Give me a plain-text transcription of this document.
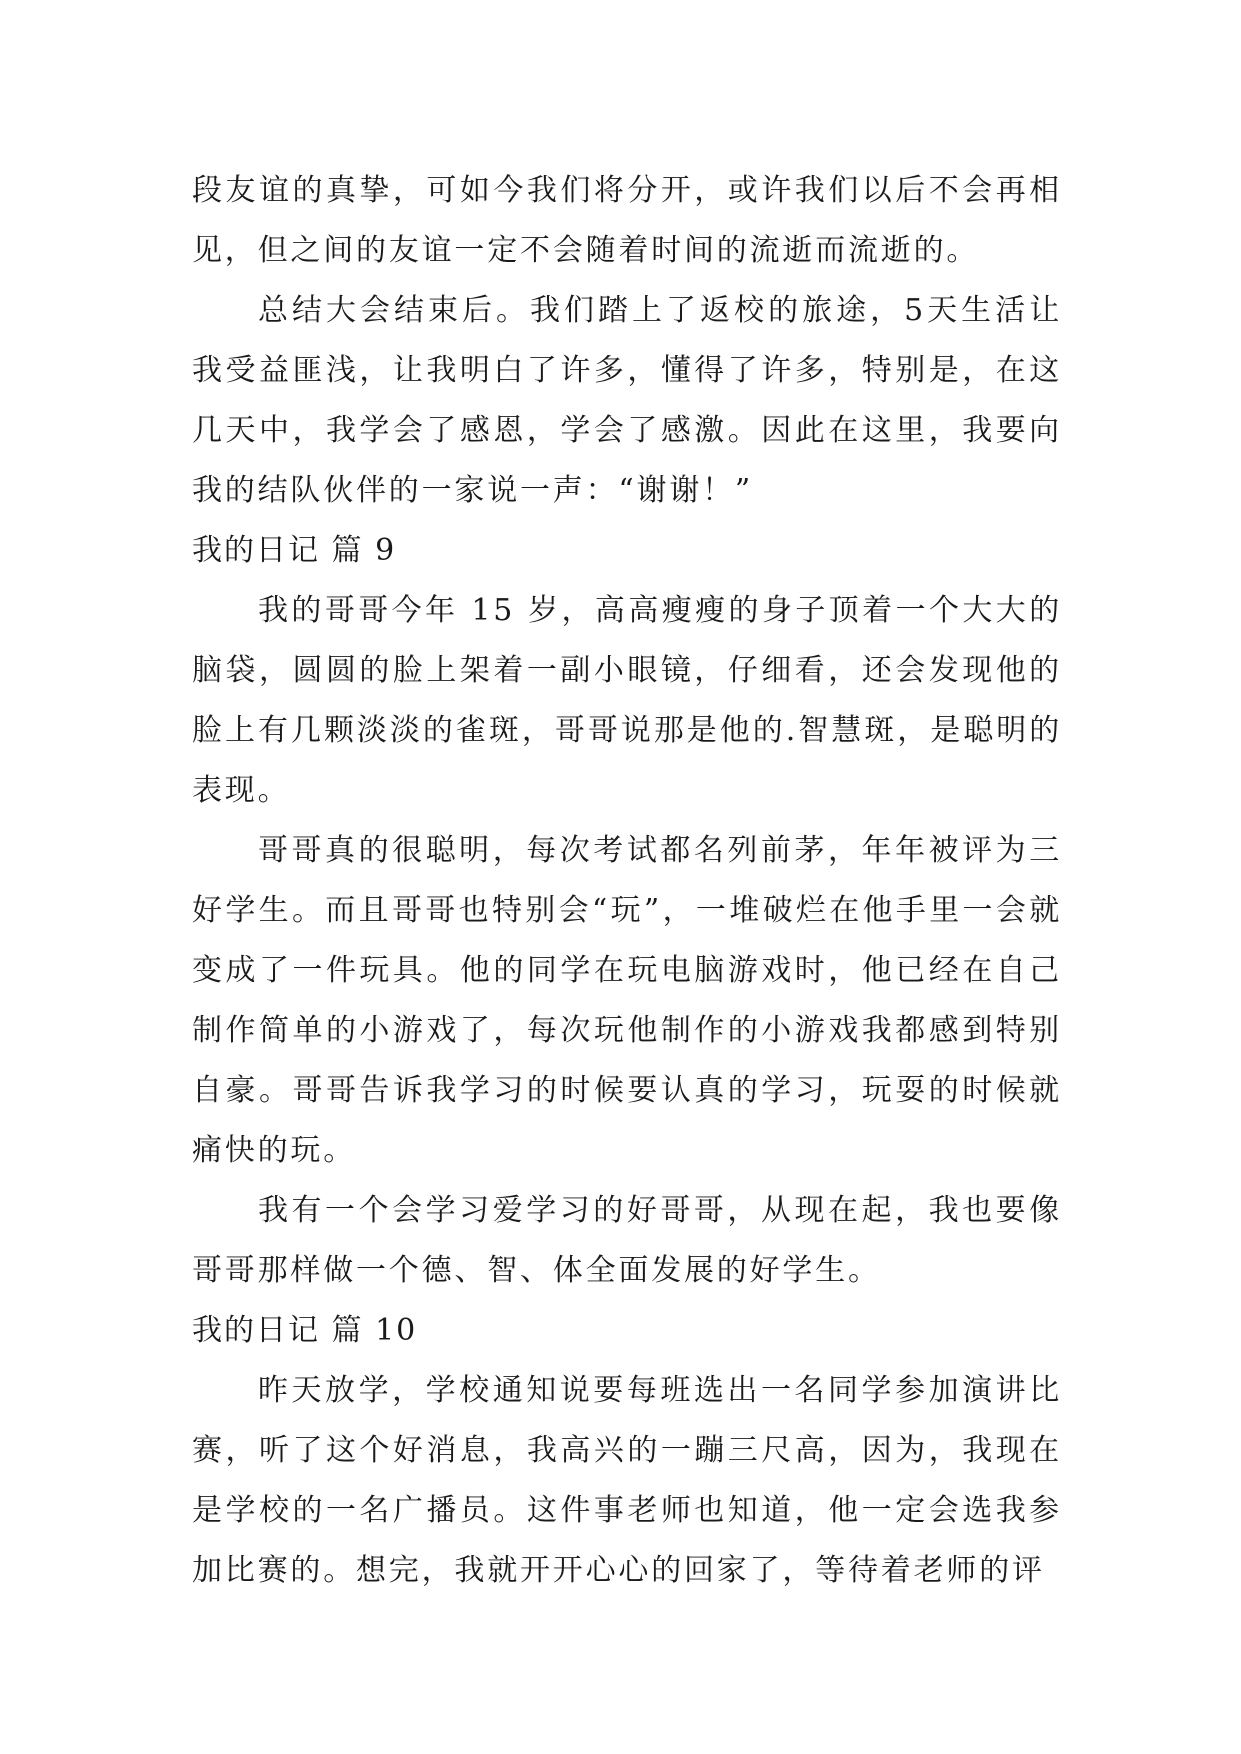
段友谊的真挚，可如今我们将分开，或许我们以后不会再相见，但之间的友谊一定不会随着时间的流逝而流逝的。

总结大会结束后。我们踏上了返校的旅途，5天生活让我受益匪浅，让我明白了许多，懂得了许多，特别是，在这几天中，我学会了感恩，学会了感激。因此在这里，我要向我的结队伙伴的一家说一声：“谢谢！”

我的日记 篇 9

我的哥哥今年 15 岁，高高瘦瘦的身子顶着一个大大的脑袋，圆圆的脸上架着一副小眼镜，仔细看，还会发现他的脸上有几颗淡淡的雀斑，哥哥说那是他的.智慧斑，是聪明的表现。

哥哥真的很聪明，每次考试都名列前茅，年年被评为三好学生。而且哥哥也特别会“玩”，一堆破烂在他手里一会就变成了一件玩具。他的同学在玩电脑游戏时，他已经在自己制作简单的小游戏了，每次玩他制作的小游戏我都感到特别自豪。哥哥告诉我学习的时候要认真的学习，玩耍的时候就痛快的玩。

我有一个会学习爱学习的好哥哥，从现在起，我也要像哥哥那样做一个德、智、体全面发展的好学生。

我的日记 篇 10

昨天放学，学校通知说要每班选出一名同学参加演讲比赛，听了这个好消息，我高兴的一蹦三尺高，因为，我现在是学校的一名广播员。这件事老师也知道，他一定会选我参加比赛的。想完，我就开开心心的回家了，等待着老师的评
